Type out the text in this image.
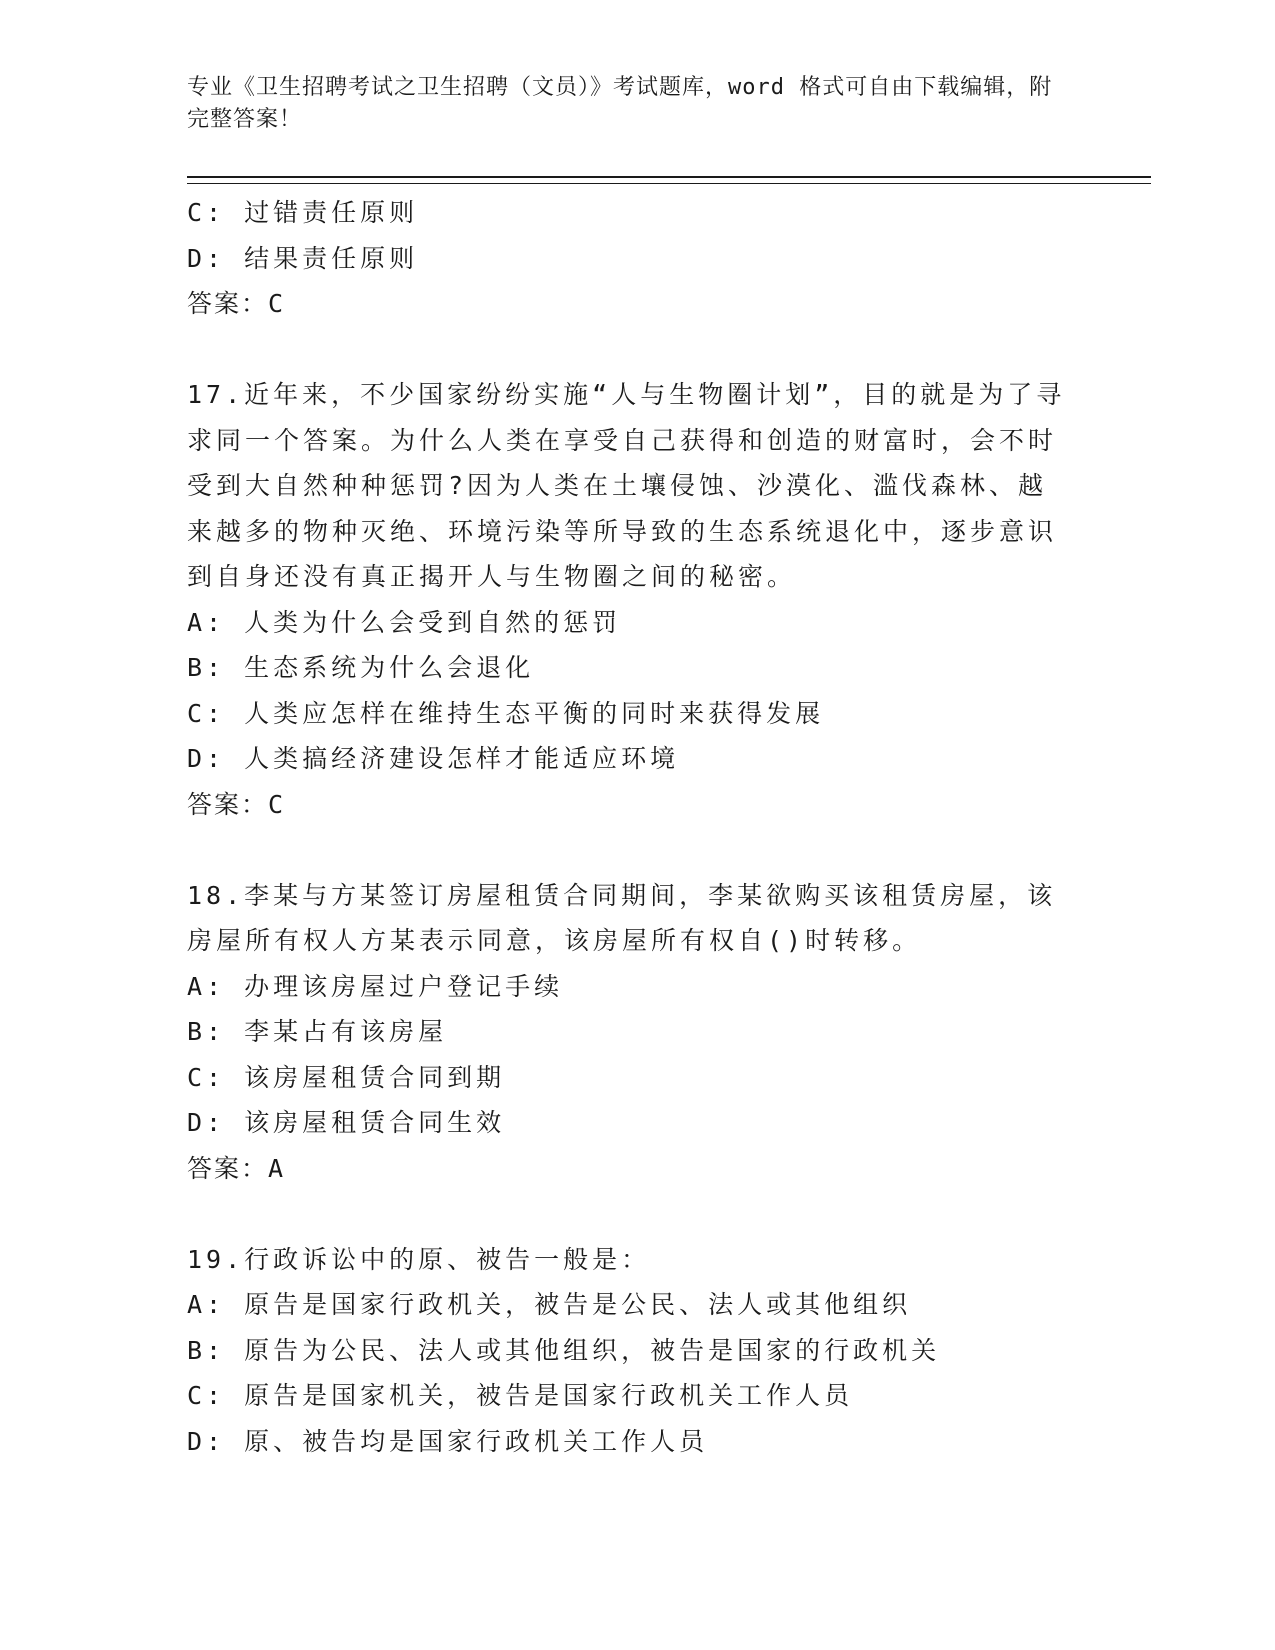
专业《卫生招聘考试之卫生招聘（文员）》考试题库，word 格式可自由下载编辑，附完整答案！
C: 过错责任原则
D: 结果责任原则
答案：C
17.近年来，不少国家纷纷实施“人与生物圈计划”，目的就是为了寻求同一个答案。为什么人类在享受自己获得和创造的财富时，会不时受到大自然种种惩罚?因为人类在土壤侵蚀、沙漠化、滥伐森林、越来越多的物种灭绝、环境污染等所导致的生态系统退化中，逐步意识到自身还没有真正揭开人与生物圈之间的秘密。
A: 人类为什么会受到自然的惩罚
B: 生态系统为什么会退化
C: 人类应怎样在维持生态平衡的同时来获得发展
D: 人类搞经济建设怎样才能适应环境
答案：C
18.李某与方某签订房屋租赁合同期间，李某欲购买该租赁房屋，该房屋所有权人方某表示同意，该房屋所有权自()时转移。
A: 办理该房屋过户登记手续
B: 李某占有该房屋
C: 该房屋租赁合同到期
D: 该房屋租赁合同生效
答案：A
19.行政诉讼中的原、被告一般是：
A: 原告是国家行政机关，被告是公民、法人或其他组织
B: 原告为公民、法人或其他组织，被告是国家的行政机关
C: 原告是国家机关，被告是国家行政机关工作人员
D: 原、被告均是国家行政机关工作人员
